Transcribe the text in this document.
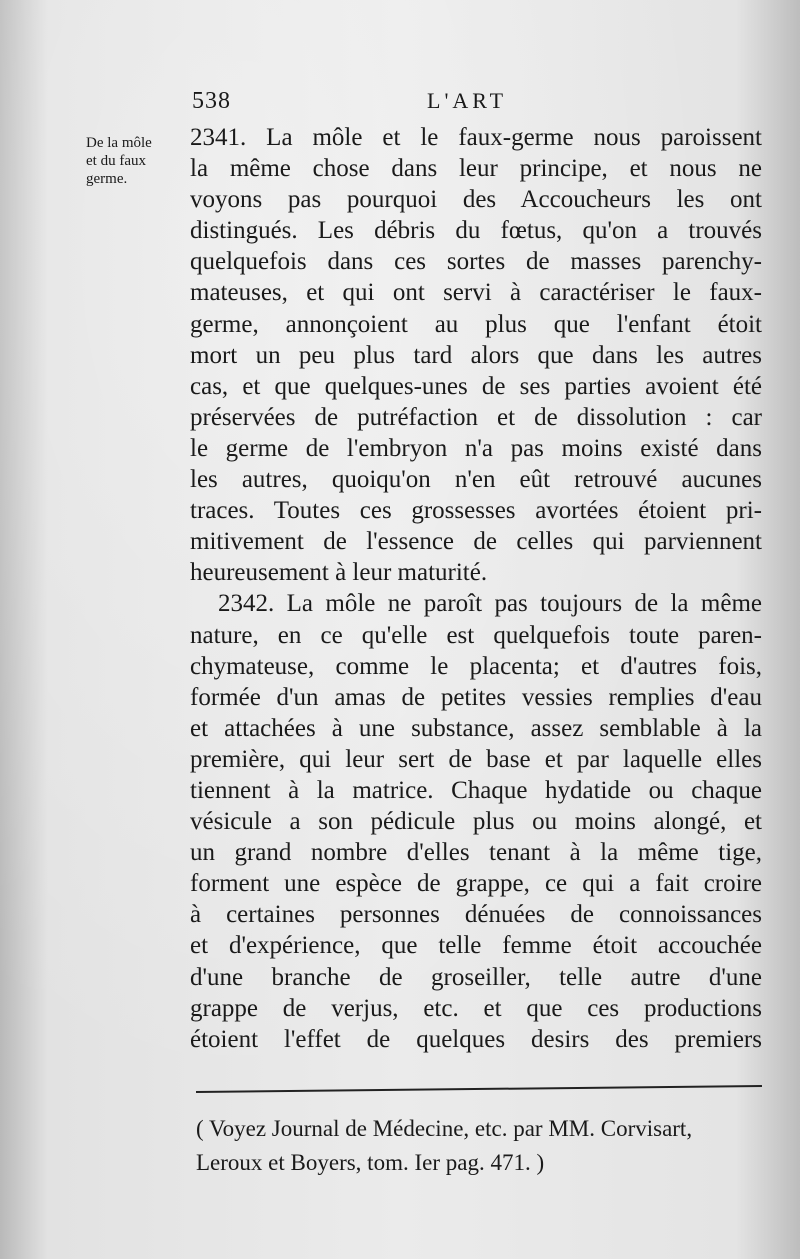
538	L'ART
De la môle
et du faux
germe.
2341. La môle et le faux-germe nous paroissent
la même chose dans leur principe, et nous ne
voyons pas pourquoi des Accoucheurs les ont
distingués. Les débris du fœtus, qu'on a trouvés
quelquefois dans ces sortes de masses parenchy-
mateuses, et qui ont servi à caractériser le faux-
germe, annonçoient au plus que l'enfant étoit
mort un peu plus tard alors que dans les autres
cas, et que quelques-unes de ses parties avoient été
préservées de putréfaction et de dissolution : car
le germe de l'embryon n'a pas moins existé dans
les autres, quoiqu'on n'en eût retrouvé aucunes
traces. Toutes ces grossesses avortées étoient pri-
mitivement de l'essence de celles qui parviennent
heureusement à leur maturité.
2342. La môle ne paroît pas toujours de la même
nature, en ce qu'elle est quelquefois toute paren-
chymateuse, comme le placenta; et d'autres fois,
formée d'un amas de petites vessies remplies d'eau
et attachées à une substance, assez semblable à la
première, qui leur sert de base et par laquelle elles
tiennent à la matrice. Chaque hydatide ou chaque
vésicule a son pédicule plus ou moins alongé, et
un grand nombre d'elles tenant à la même tige,
forment une espèce de grappe, ce qui a fait croire
à certaines personnes dénuées de connoissances
et d'expérience, que telle femme étoit accouchée
d'une branche de groseiller, telle autre d'une
grappe de verjus, etc. et que ces productions
étoient l'effet de quelques desirs des premiers
( Voyez Journal de Médecine, etc. par MM. Corvisart,
Leroux et Boyers, tom. Ier pag. 471. )
